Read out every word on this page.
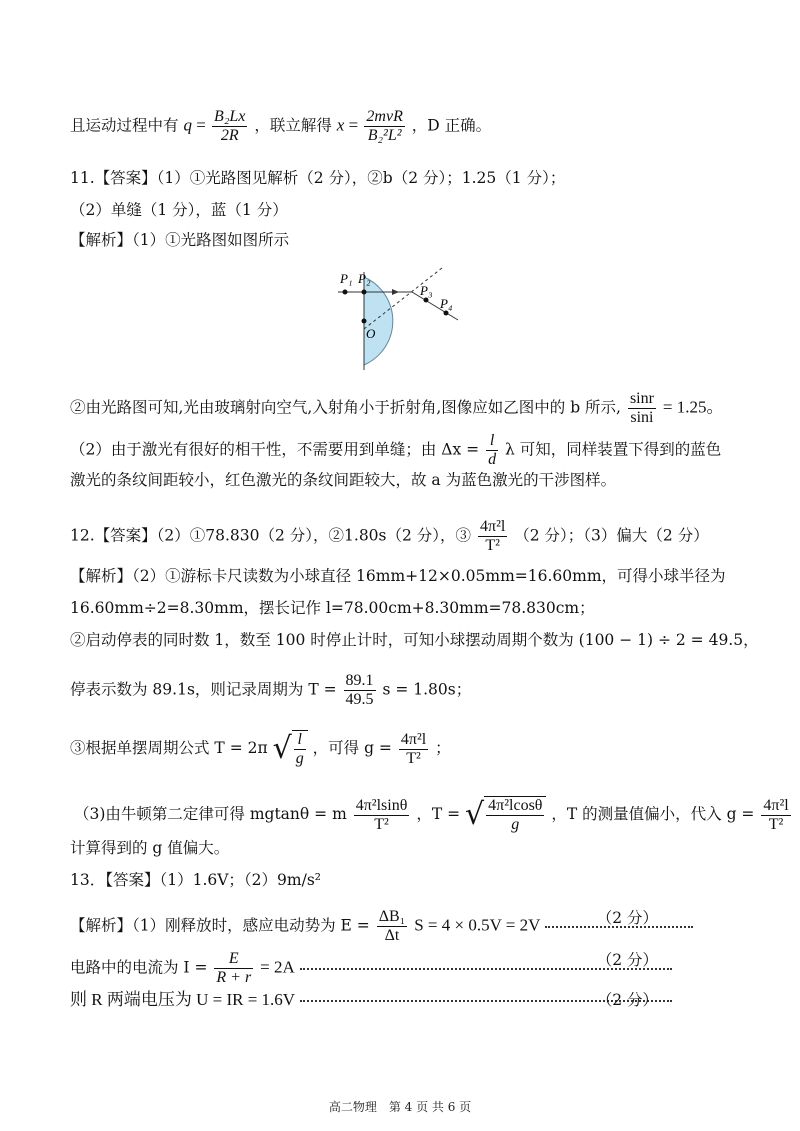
且运动过程中有 $q = \frac{\text{B₂Lx}}{2R}$ ，联立解得 $x = \frac{\text{2mvR}}{\text{B₂²L²}}$ ，D 正确。
11.【答案】（1）①光路图见解析（2 分），②b（2 分）；1.25（1 分）；
（2）单缝（1 分），蓝（1 分）
【解析】（1）①光路图如图所示
P₁ P₂
P₃
P₄
O
②由光路图可知,光由玻璃射向空气,入射角小于折射角,图像应如乙图中的 b 所示, $\frac{\sin r}{\sin i} = 1.25$。
（2）由于激光有很好的相干性，不需要用到单缝；由 $\Delta x = \frac{l}{d}$ λ 可知，同样装置下得到的蓝色
激光的条纹间距较小，红色激光的条纹间距较大，故 a 为蓝色激光的干涉图样。
12.【答案】（2）①78.830（2 分），②1.80s（2 分），③ $\frac{\text{4π²l}}{\text{T²}} (2$ 分）；（3）偏大（2 分）
【解析】（2）①游标卡尺读数为小球直径 16mm+12×0.05mm=16.60mm，可得小球半径为
16.60mm÷2=8.30mm，摆长记作 l=78.00cm+8.30mm=78.830cm；
②启动停表的同时数 1，数至 100 时停止计时，可知小球摆动周期个数为 (100 − 1) ÷ 2 = 49.5，
停表示数为 89.1s，则记录周期为 $T = \frac{89.1}{49.5}$ s = 1.80s；
③根据单摆周期公式 T = 2π √ $\frac{l}{g}$ ，可得 $g = \frac{\text{4π²l}}{\text{T²}}$ ；
（3)由牛顿第二定律可得 mgtanθ = m $\frac{\text{4π²lsinθ}}{\text{T²}}$ ，T = √ $\frac{\text{4π²lcosθ}}{g}$ ，T 的测量值偏小，代入 $g = \frac{\text{4π²l}}{\text{T²}}$
计算得到的 g 值偏大。
13．【答案】（1）1.6V；（2）9m/s²
【解析】（1）刚释放时，感应电动势为 $E = \frac{\text{ΔB₁}}{\Delta t}$ S = 4 × 0.5V = 2V	（2 分）
电路中的电流为 $I = \frac{E}{R + r} = 2A$	（2 分）
则 R 两端电压为 U = IR = 1.6V	（2 分）
高二物理　第 4 页 共 6 页
